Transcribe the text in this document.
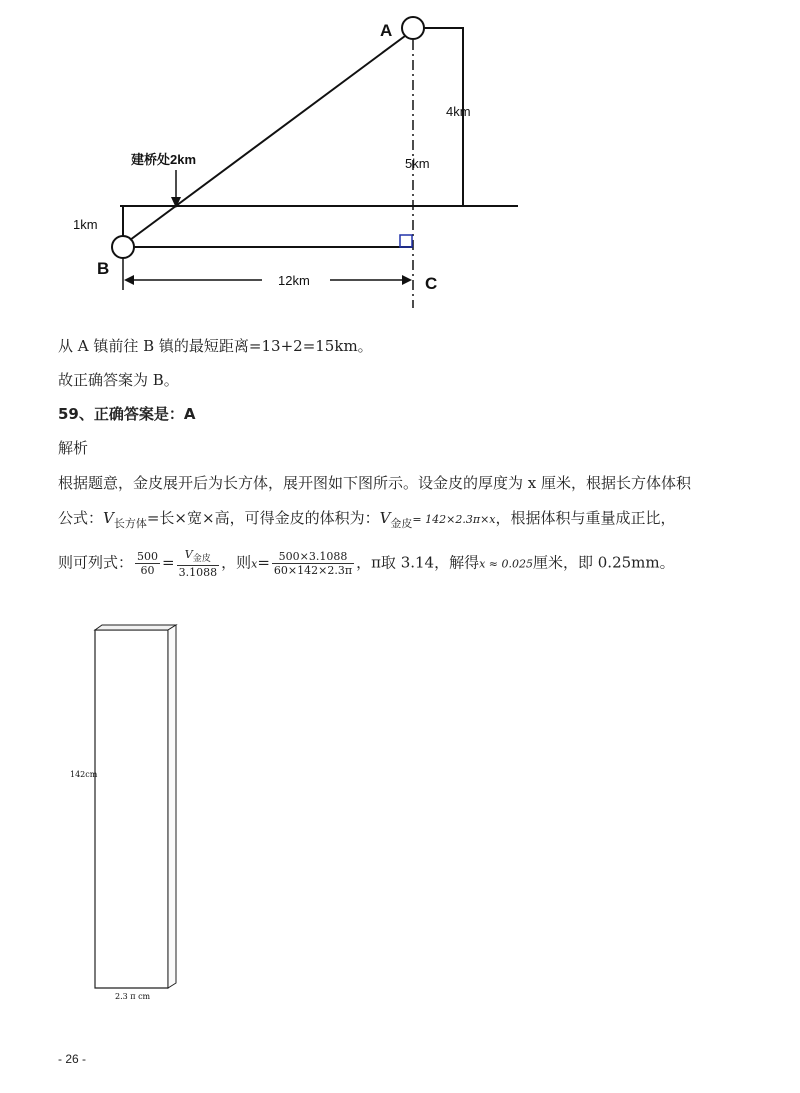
A
B
C
4km
5km
建桥处2km
1km
12km
从 A 镇前往 B 镇的最短距离=13+2=15km。
故正确答案为 B。
59、正确答案是：A
解析
根据题意，金皮展开后为长方体，展开图如下图所示。设金皮的厚度为 x 厘米，根据长方体体积
公式：$V_{长方体}=$长×宽×高，可得金皮的体积为：$V_{金皮}= 142\times 2.3\pi\times x$，根据体积与重量成正比，
则可列式： $\frac{500}{60} = \frac{V_{金皮}}{3.1088}$ ，则$x= \frac{500\times 3.1088}{60\times 142\times 2.3\pi}$ ，π取 3.14，解得x ≈ 0.025厘米，即 0.25mm。
142cm
2.3 π cm
- 26 -
